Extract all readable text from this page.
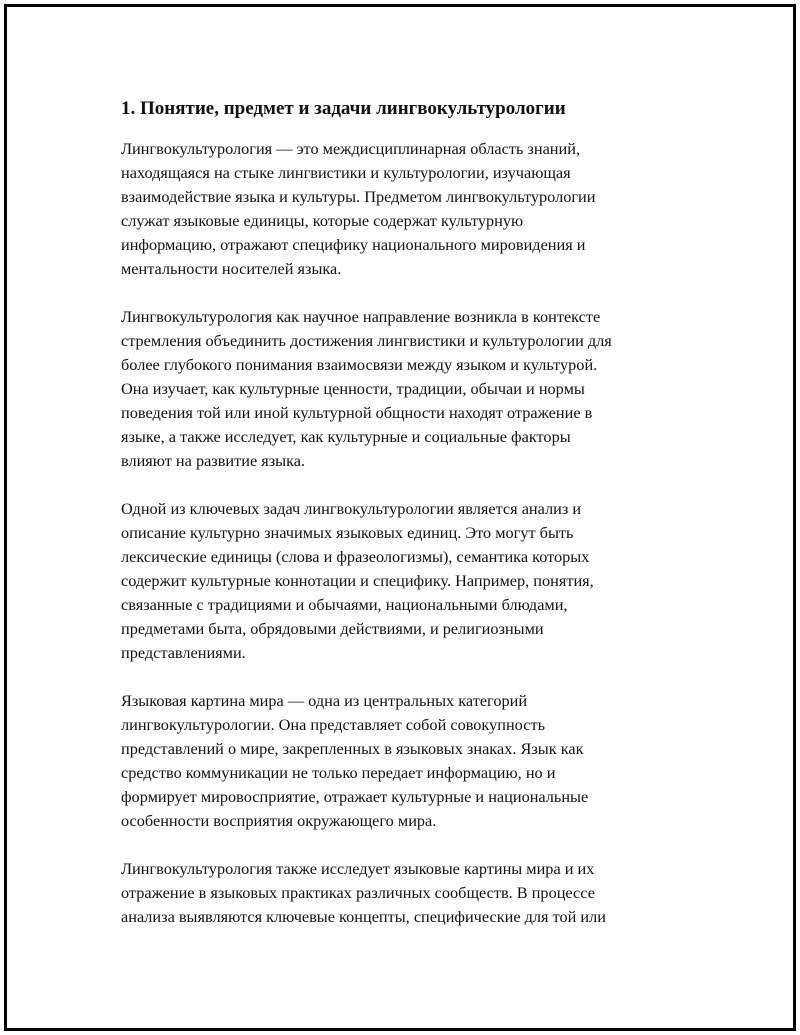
1. Понятие, предмет и задачи лингвокультурологии

Лингвокультурология — это междисциплинарная область знаний,
находящаяся на стыке лингвистики и культурологии, изучающая
взаимодействие языка и культуры. Предметом лингвокультурологии
служат языковые единицы, которые содержат культурную
информацию, отражают специфику национального мировидения и
ментальности носителей языка.

Лингвокультурология как научное направление возникла в контексте
стремления объединить достижения лингвистики и культурологии для
более глубокого понимания взаимосвязи между языком и культурой.
Она изучает, как культурные ценности, традиции, обычаи и нормы
поведения той или иной культурной общности находят отражение в
языке, а также исследует, как культурные и социальные факторы
влияют на развитие языка.

Одной из ключевых задач лингвокультурологии является анализ и
описание культурно значимых языковых единиц. Это могут быть
лексические единицы (слова и фразеологизмы), семантика которых
содержит культурные коннотации и специфику. Например, понятия,
связанные с традициями и обычаями, национальными блюдами,
предметами быта, обрядовыми действиями, и религиозными
представлениями.

Языковая картина мира — одна из центральных категорий
лингвокультурологии. Она представляет собой совокупность
представлений о мире, закрепленных в языковых знаках. Язык как
средство коммуникации не только передает информацию, но и
формирует мировосприятие, отражает культурные и национальные
особенности восприятия окружающего мира.

Лингвокультурология также исследует языковые картины мира и их
отражение в языковых практиках различных сообществ. В процессе
анализа выявляются ключевые концепты, специфические для той или
